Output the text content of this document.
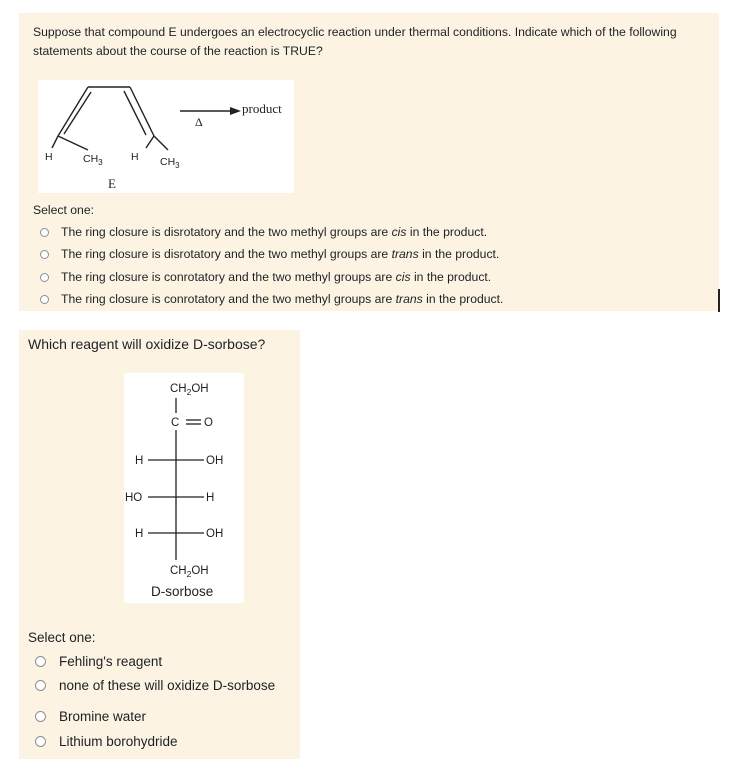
Suppose that compound E undergoes an electrocyclic reaction under thermal conditions. Indicate which of the following statements about the course of the reaction is TRUE?
H	$CH_3$	H $CH_3$
E
Δ
product
Select one:
The ring closure is disrotatory and the two methyl groups are cis in the product.
The ring closure is disrotatory and the two methyl groups are trans in the product.
The ring closure is conrotatory and the two methyl groups are cis in the product.
The ring closure is conrotatory and the two methyl groups are trans in the product.
Which reagent will oxidize D-sorbose?
$CH_2OH$
C O
H	OH
HO	H
H	OH
$CH_2OH$
D-sorbose
Select one:
Fehling's reagent
none of these will oxidize D-sorbose
Bromine water
Lithium borohydride
